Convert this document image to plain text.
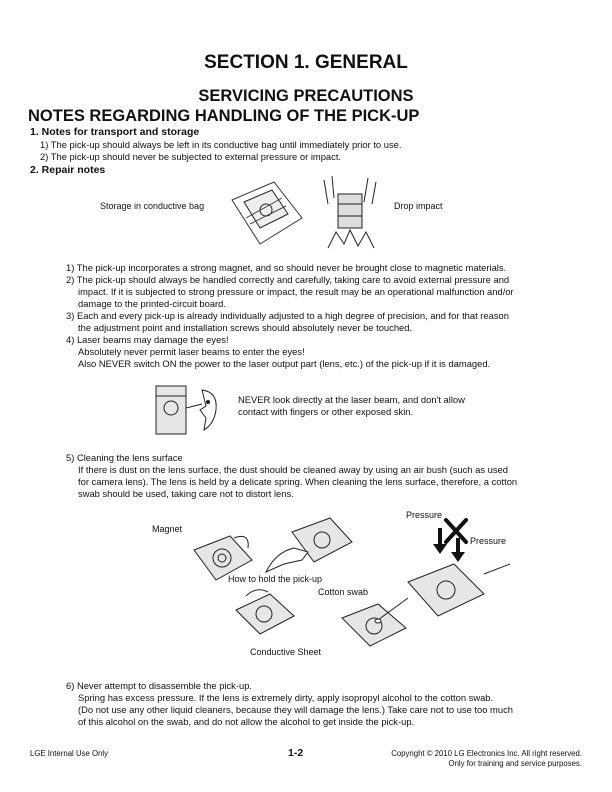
SECTION 1. GENERAL
SERVICING PRECAUTIONS
NOTES REGARDING HANDLING OF THE PICK-UP
1. Notes for transport and storage
1) The pick-up should always be left in its conductive bag until immediately prior to use.
2) The pick-up should never be subjected to external pressure or impact.
2. Repair notes
Storage in conductive bag	Drop impact
1) The pick-up incorporates a strong magnet, and so should never be brought close to magnetic materials.
2) The pick-up should always be handled correctly and carefully, taking care to avoid external pressure and
impact. If it is subjected to strong pressure or impact, the result may be an operational malfunction and/or
damage to the printed-circuit board.
3) Each and every pick-up is already individually adjusted to a high degree of precision, and for that reason
the adjustment point and installation screws should absolutely never be touched.
4) Laser beams may damage the eyes!
Absolutely never permit laser beams to enter the eyes!
Also NEVER switch ON the power to the laser output part (lens, etc.) of the pick-up if it is damaged.
NEVER look directly at the laser beam, and don't allow
contact with fingers or other exposed skin.
5) Cleaning the lens surface
If there is dust on the lens surface, the dust should be cleaned away by using an air bush (such as used
for camera lens). The lens is held by a delicate spring. When cleaning the lens surface, therefore, a cotton
swab should be used, taking care not to distort lens.
Magnet
How to hold the pick-up
Pressure
Pressure
Conductive Sheet
Cotton swab
6) Never attempt to disassemble the pick-up.
Spring has excess pressure. If the lens is extremely dirty, apply isopropyl alcohol to the cotton swab.
(Do not use any other liquid cleaners, because they will damage the lens.) Take care not to use too much
of this alcohol on the swab, and do not allow the alcohol to get inside the pick-up.
LGE Internal Use Only	1-2	Copyright © 2010 LG Electronics Inc. All right reserved.
Only for training and service purposes.
